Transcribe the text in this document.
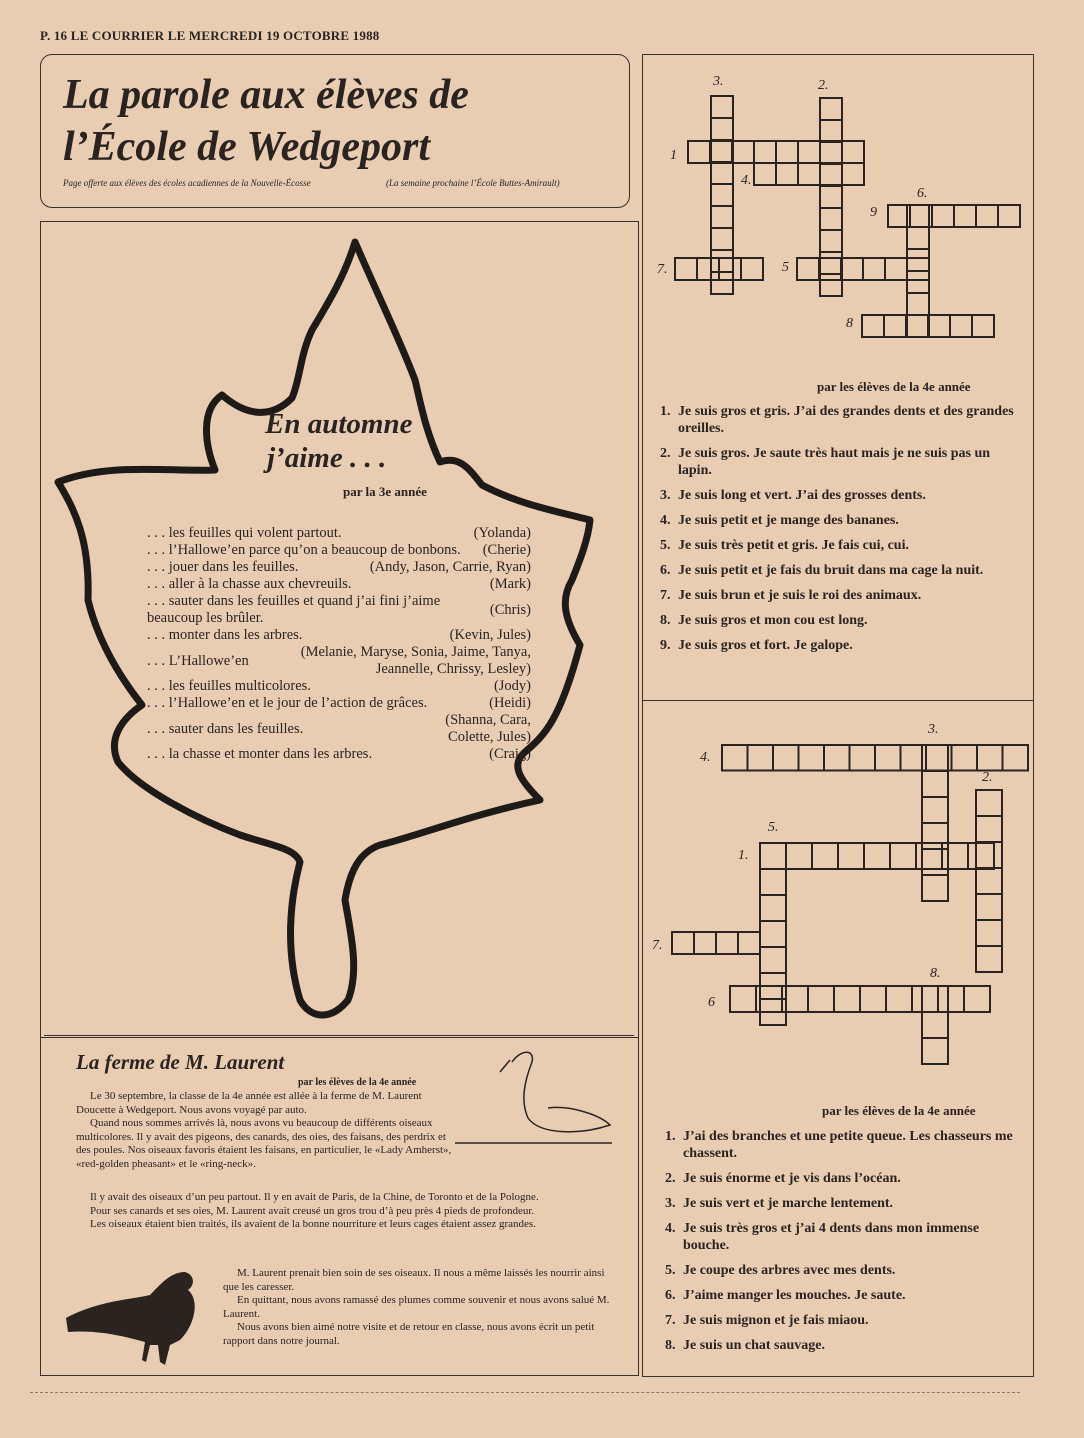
P. 16 LE COURRIER LE MERCREDI 19 OCTOBRE 1988
La parole aux élèves de
l’École de Wedgeport
Page offerte aux élèves des écoles acadiennes de la Nouvelle-Écosse	(La semaine prochaine l’École Buttes-Amirault)
En automne
j’aime . . .
par la 3e année
. . . les feuilles qui volent partout.	(Yolanda)
. . . l’Hallowe’en parce qu’on a beaucoup de bonbons. (Cherie)
. . . jouer dans les feuilles.	(Andy, Jason, Carrie, Ryan)
. . . aller à la chasse aux chevreuils.	(Mark)
. . . sauter dans les feuilles et quand j’ai fini j’aime beaucoup les brûler.
(Chris)
. . . monter dans les arbres.	(Kevin, Jules)
. . . L’Hallowe’en
(Melanie, Maryse, Sonia, Jaime, Tanya, Jeannelle, Chrissy, Lesley)
. . . les feuilles multicolores.	(Jody)
. . . l’Hallowe’en et le jour de l’action de grâces.	(Heidi)
. . . sauter dans les feuilles.
(Shanna, Cara, Colette, Jules)
. . . la chasse et monter dans les arbres.	(Craig)
La ferme de M. Laurent
par les élèves de la 4e année

Le 30 septembre, la classe de la 4e année est allée à la ferme de M. Laurent Doucette à Wedgeport. Nous avons voyagé par auto.

Quand nous sommes arrivés là, nous avons vu beaucoup de différents oiseaux multicolores. Il y avait des pigeons, des canards, des oies, des faisans, des perdrix et des poules. Nos oiseaux favoris étaient les faisans, en particulier, le «Lady Amherst», «red-golden pheasant» et le «ring-neck».

Il y avait des oiseaux d’un peu partout. Il y en avait de Paris, de la Chine, de Toronto et de la Pologne.

Pour ses canards et ses oies, M. Laurent avait creusé un gros trou d’à peu près 4 pieds de profondeur.

Les oiseaux étaient bien traités, ils avaient de la bonne nourriture et leurs cages étaient assez grandes.

M. Laurent prenait bien soin de ses oiseaux. Il nous a même laissés les nourrir ainsi que les caresser.

En quittant, nous avons ramassé des plumes comme souvenir et nous avons salué M. Laurent.

Nous avons bien aimé notre visite et de retour en classe, nous avons écrit un petit rapport dans notre journal.

1
2.
3.
4.
5
6.
7.
8
9
1.
2.
3.
4.
5.
6
7.
8.
par les élèves de la 4e année
1. Je suis gros et gris. J’ai des grandes dents et des grandes oreilles.
2. Je suis gros. Je saute très haut mais je ne suis pas un lapin.
3. Je suis long et vert. J’ai des grosses dents.
4. Je suis petit et je mange des bananes.
5. Je suis très petit et gris. Je fais cui, cui.
6. Je suis petit et je fais du bruit dans ma cage la nuit.
7. Je suis brun et je suis le roi des animaux.
8. Je suis gros et mon cou est long.
9. Je suis gros et fort. Je galope.
par les élèves de la 4e année
1. J’ai des branches et une petite queue. Les chasseurs me chassent.
2. Je suis énorme et je vis dans l’océan.
3. Je suis vert et je marche lentement.
4. Je suis très gros et j’ai 4 dents dans mon immense bouche.
5. Je coupe des arbres avec mes dents.
6. J’aime manger les mouches. Je saute.
7. Je suis mignon et je fais miaou.
8. Je suis un chat sauvage.
